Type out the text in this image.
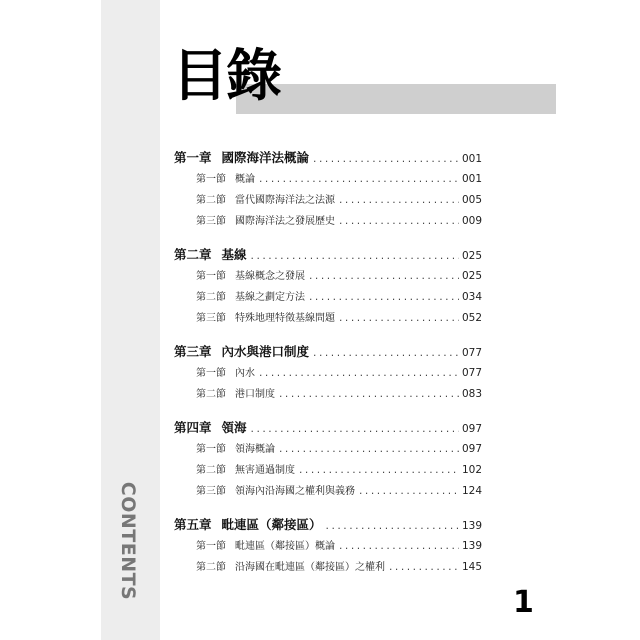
CONTENTS
目錄
第一章 國際海洋法概論 .....	001
第一節 概論 .....	001
第二節 當代國際海洋法之法源 .....	005
第三節 國際海洋法之發展歷史 .....	009
第二章 基線 .....	025
第一節 基線概念之發展 .....	025
第二節 基線之劃定方法 .....	034
第三節 特殊地理特徵基線問題 .....	052
第三章 內水與港口制度 .....	077
第一節 內水 .....	077
第二節 港口制度 .....	083
第四章 領海 .....	097
第一節 領海概論 .....	097
第二節 無害通過制度 .....	102
第三節 領海內沿海國之權利與義務 .....	124
第五章 毗連區（鄰接區） .....	139
第一節 毗連區（鄰接區）概論 .....	139
第二節 沿海國在毗連區（鄰接區）之權利 .....	145
1
